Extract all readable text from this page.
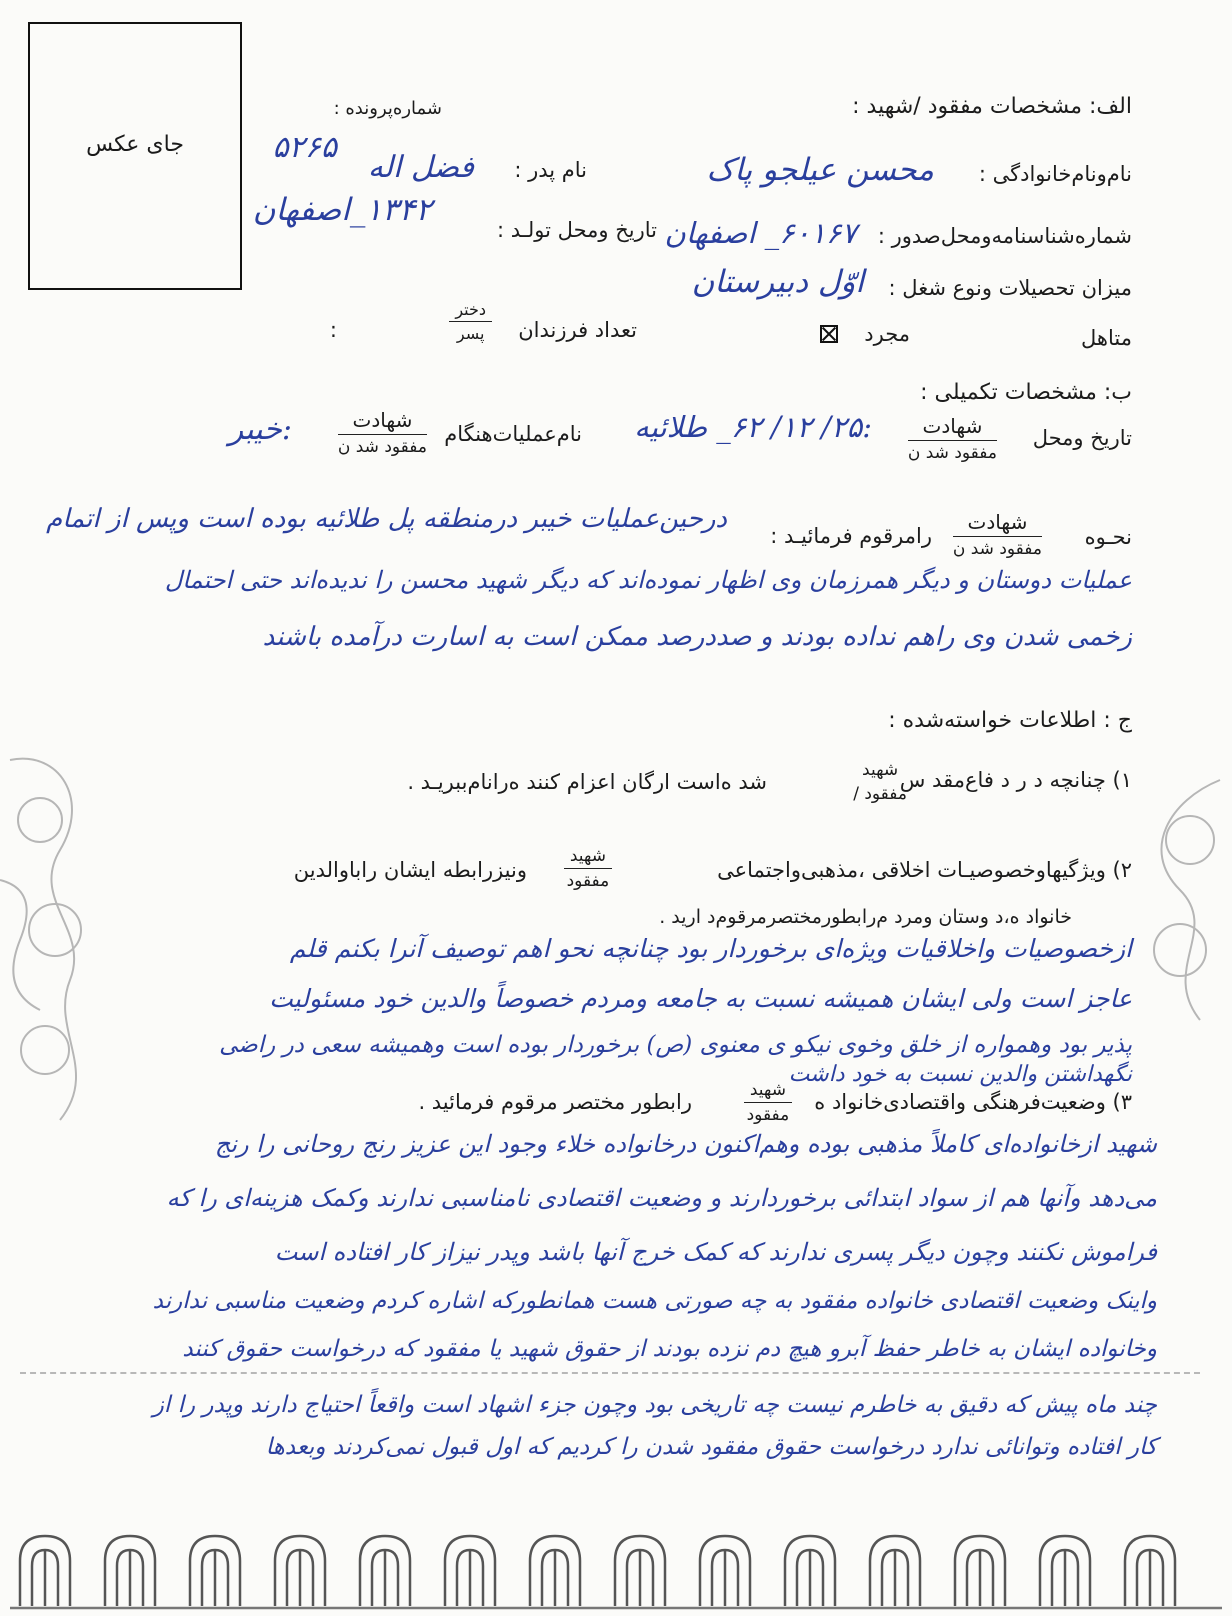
جای عکس
شماره‌پرونده :
۵۲۶۵
الف: مشخصات مفقود /شهید :
نام‌ونام‌خانوادگی :
محسن عیلجو پاک
نام پدر :
فضل اله
شماره‌شناسنامه‌ومحل‌صدور :
۶۰۱۶۷_ اصفهان
تاریخ ومحل تولـد :
۱۳۴۲_اصفهان
میزان تحصیلات ونوع شغل :
اوّل دبیرستان
متاهل
مجرد
تعداد فرزندان
دختر
پسر
:
ب: مشخصات تکمیلی :
تاریخ ومحل
شهادت
مفقود شد ن
:۲۵/ ۱۲/ ۶۲_ طلائیه
نام‌عملیات‌هنگام
شهادت
مفقود شد ن
:خیبر
نحـوه
شهادت
مفقود شد ن
رامرقوم فرمائیـد :
درحین‌عملیات خیبر درمنطقه پل طلائیه بوده است وپس از اتمام
عملیات دوستان و دیگر همرزمان وی اظهار نموده‌اند که دیگر شهید محسن را ندیده‌اند حتی احتمال
زخمی شدن وی راهم نداده بودند و صددرصد ممکن است به اسارت درآمده باشند
ج : اطلاعات خواسته‌شده :
۱) چنانچه د ر د فاع‌مقد س
شهید
مفقود /
شد ه‌است ارگان اعزام کنند ه‌رانام‌ببریـد .
۲) ویژگیهاوخصوصیـات اخلاقی ،مذهبی‌واجتماعی
شهید
مفقود
ونیزرابطه ایشان رابا‌والدین
خانواد ه،د وستان ومرد م‌رابطورمختصرمرقوم‌د ارید .
ازخصوصیات واخلاقیات ویژه‌ای برخوردار بود چنانچه نحو اهم توصیف آنرا بکنم قلم
عاجز است ولی ایشان همیشه نسبت به جامعه ومردم خصوصاً والدین خود مسئولیت
پذیر بود وهمواره از خلق وخوی نیکو ی معنوی (ص) برخوردار بوده است وهمیشه سعی در راضی
نگهداشتن والدین نسبت به خود داشت
۳) وضعیت‌فرهنگی واقتصادی‌خانواد ه
شهید
مفقود
رابطور مختصر مرقوم فرمائید .
شهید ازخانواده‌ای کاملاً مذهبی بوده وهم‌اکنون درخانواده خلاء وجود این عزیز رنج روحانی را رنج
می‌دهد وآنها هم از سواد ابتدائی برخوردارند و وضعیت اقتصادی نامناسبی ندارند وکمک هزینه‌ای را که
فراموش نکنند وچون دیگر پسری ندارند که کمک خرج آنها باشد وپدر نیزاز کار افتاده است
واینک وضعیت اقتصادی خانواده مفقود به چه صورتی هست همانطورکه اشاره کردم وضعیت مناسبی ندارند
وخانواده ایشان به خاطر حفظ آبرو هیچ دم نزده بودند از حقوق شهید یا مفقود که درخواست حقوق کنند
چند ماه پیش که دقیق به خاطرم نیست چه تاریخی بود وچون جزء اشهاد است واقعاً احتیاج دارند وپدر را از
کار افتاده وتوانائی ندارد درخواست حقوق مفقود شدن را کردیم که اول قبول نمی‌کردند وبعدها
